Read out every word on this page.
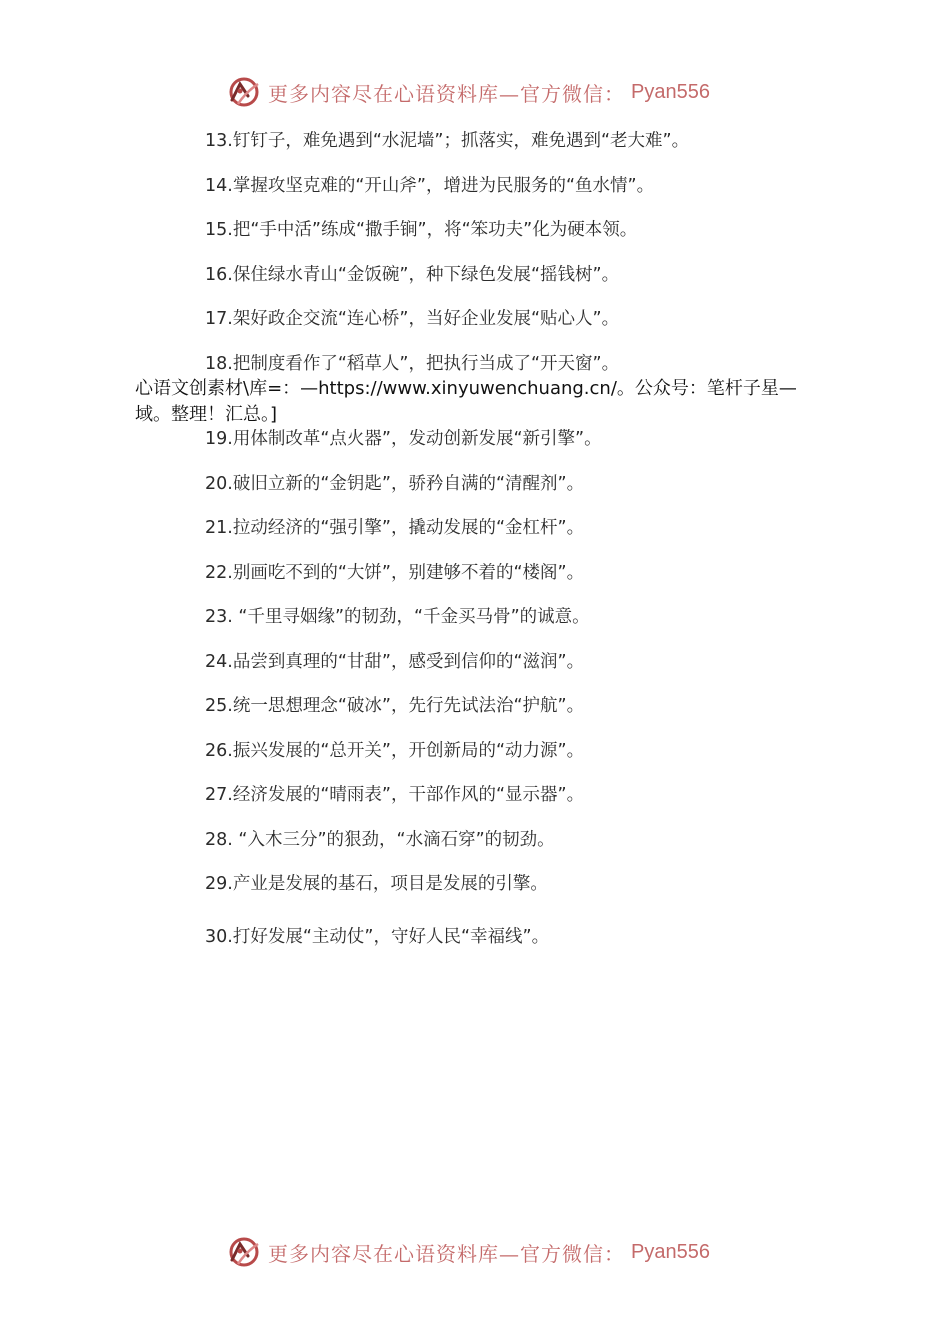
更多内容尽在心语资料库—官方微信： Pyan556
13.钉钉子，难免遇到“水泥墙”；抓落实，难免遇到“老大难”。
14.掌握攻坚克难的“开山斧”，增进为民服务的“鱼水情”。
15.把“手中活”练成“撒手锏”，将“笨功夫”化为硬本领。
16.保住绿水青山“金饭碗”，种下绿色发展“摇钱树”。
17.架好政企交流“连心桥”，当好企业发展“贴心人”。
18.把制度看作了“稻草人”，把执行当成了“开天窗”。
心语文创素材\库=：—https://www.xinyuwenchuang.cn/。公众号：笔杆子星—域。整理！汇总。]
19.用体制改革“点火器”，发动创新发展“新引擎”。
20.破旧立新的“金钥匙”，骄矜自满的“清醒剂”。
21.拉动经济的“强引擎”，撬动发展的“金杠杆”。
22.别画吃不到的“大饼”，别建够不着的“楼阁”。
23. “千里寻姻缘”的韧劲，“千金买马骨”的诚意。
24.品尝到真理的“甘甜”，感受到信仰的“滋润”。
25.统一思想理念“破冰”，先行先试法治“护航”。
26.振兴发展的“总开关”，开创新局的“动力源”。
27.经济发展的“晴雨表”，干部作风的“显示器”。
28. “入木三分”的狠劲，“水滴石穿”的韧劲。
29.产业是发展的基石，项目是发展的引擎。
30.打好发展“主动仗”，守好人民“幸福线”。
更多内容尽在心语资料库—官方微信： Pyan556
